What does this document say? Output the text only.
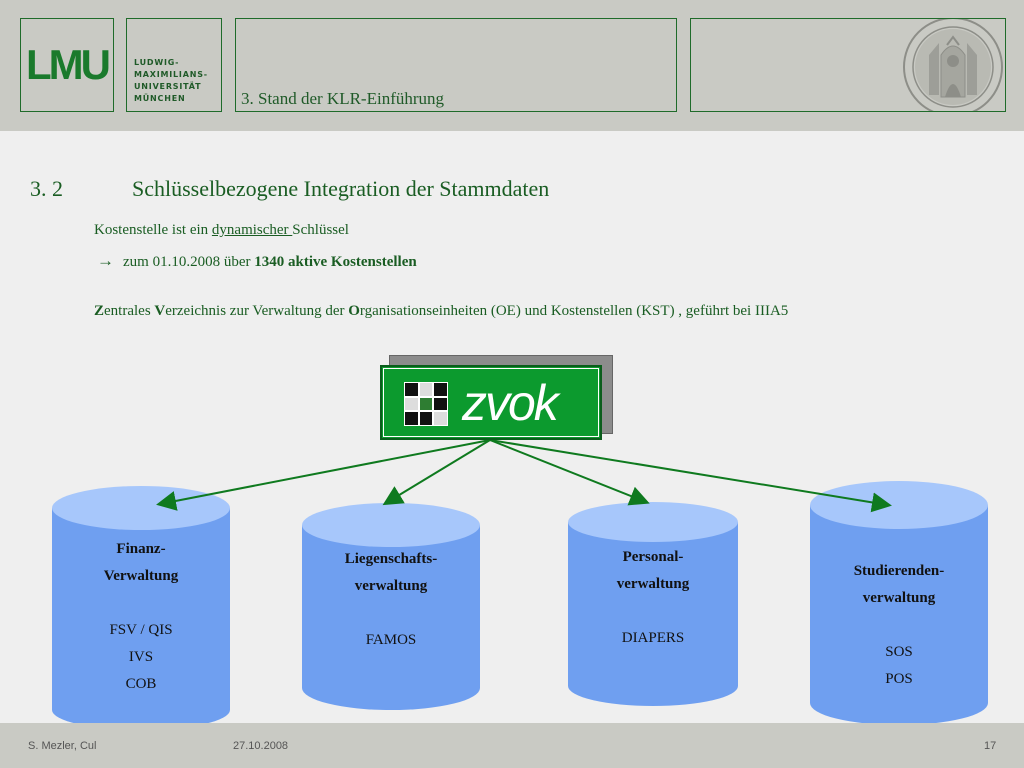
LMU	LUDWIG-
MAXIMILIANS-
UNIVERSITÄT
MÜNCHEN	3. Stand der KLR-Einführung
3. 2	Schlüsselbezogene Integration der Stammdaten
Kostenstelle ist ein dynamischer Schlüssel
→ zum 01.10.2008 über 1340 aktive Kostenstellen
Zentrales Verzeichnis zur Verwaltung der Organisationseinheiten (OE) und Kostenstellen (KST) , geführt bei IIIA5
zvok
Finanz-
Verwaltung
FSV / QIS
IVS
COB
Liegenschafts-
verwaltung
FAMOS
Personal-
verwaltung
DIAPERS
Studierenden-
verwaltung
SOS
POS
S. Mezler, Cul	27.10.2008	17
